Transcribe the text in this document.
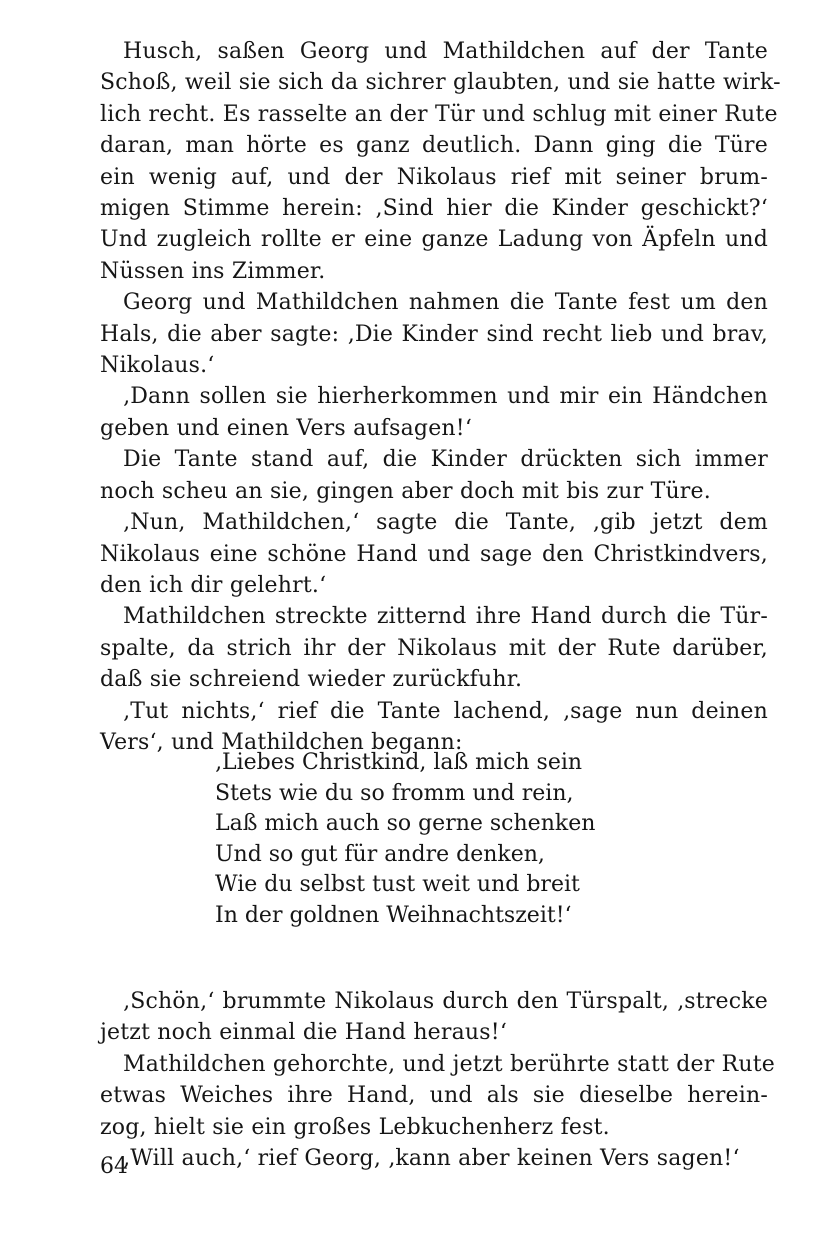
Husch, saßen Georg und Mathildchen auf der Tante
Schoß, weil sie sich da sichrer glaubten, und sie hatte wirk-
lich recht. Es rasselte an der Tür und schlug mit einer Rute
daran, man hörte es ganz deutlich. Dann ging die Türe
ein wenig auf, und der Nikolaus rief mit seiner brum-
migen Stimme herein: ‚Sind hier die Kinder geschickt?‘
Und zugleich rollte er eine ganze Ladung von Äpfeln und
Nüssen ins Zimmer.

Georg und Mathildchen nahmen die Tante fest um den
Hals, die aber sagte: ‚Die Kinder sind recht lieb und brav,
Nikolaus.‘

‚Dann sollen sie hierherkommen und mir ein Händchen
geben und einen Vers aufsagen!‘

Die Tante stand auf, die Kinder drückten sich immer
noch scheu an sie, gingen aber doch mit bis zur Türe.

‚Nun, Mathildchen,‘ sagte die Tante, ‚gib jetzt dem
Nikolaus eine schöne Hand und sage den Christkindvers,
den ich dir gelehrt.‘

Mathildchen streckte zitternd ihre Hand durch die Tür-
spalte, da strich ihr der Nikolaus mit der Rute darüber,
daß sie schreiend wieder zurückfuhr.

‚Tut nichts,‘ rief die Tante lachend, ‚sage nun deinen
Vers‘, und Mathildchen begann:

‚Liebes Christkind, laß mich sein
Stets wie du so fromm und rein,
Laß mich auch so gerne schenken
Und so gut für andre denken,
Wie du selbst tust weit und breit
In der goldnen Weihnachtszeit!‘

‚Schön,‘ brummte Nikolaus durch den Türspalt, ‚strecke
jetzt noch einmal die Hand heraus!‘

Mathildchen gehorchte, und jetzt berührte statt der Rute
etwas Weiches ihre Hand, und als sie dieselbe herein-
zog, hielt sie ein großes Lebkuchenherz fest.

‚Will auch,‘ rief Georg, ‚kann aber keinen Vers sagen!‘

64
